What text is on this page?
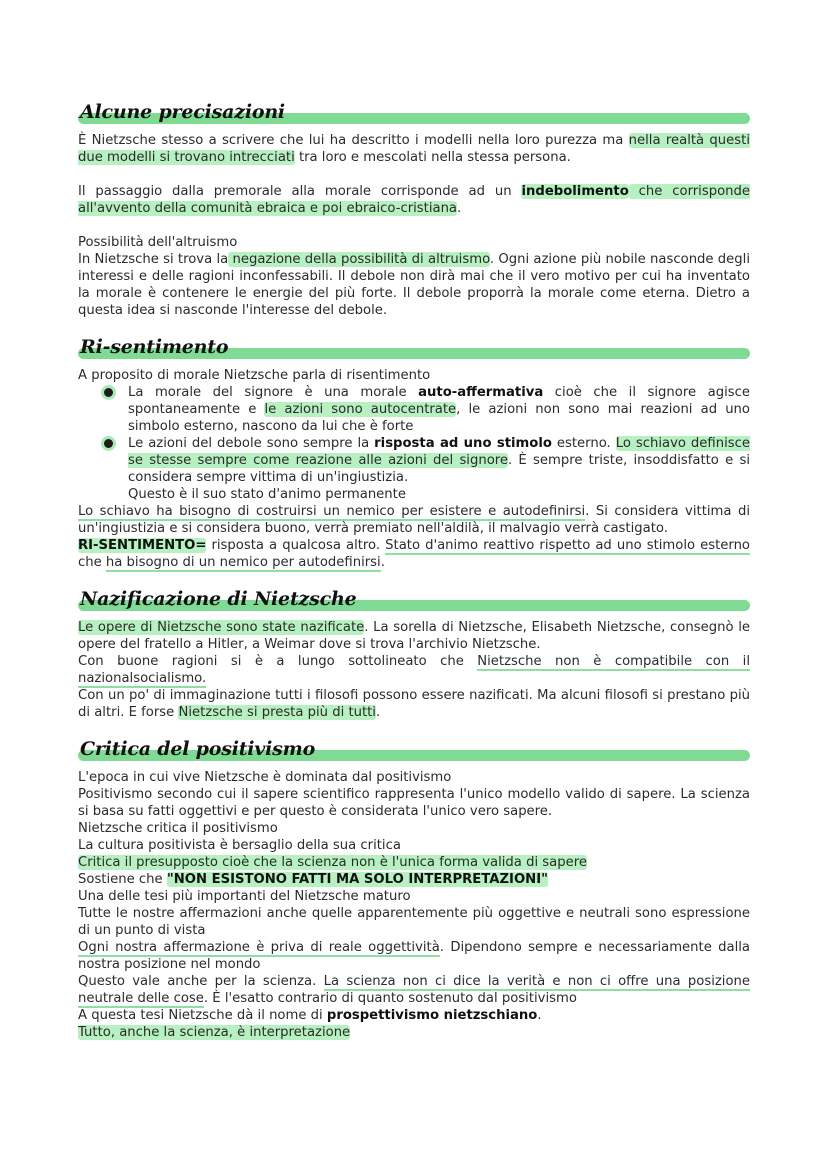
Alcune precisazioni

È Nietzsche stesso a scrivere che lui ha descritto i modelli nella loro purezza ma nella realtà questi due modelli si trovano intrecciati tra loro e mescolati nella stessa persona.

Il passaggio dalla premorale alla morale corrisponde ad un indebolimento che corrisponde all'avvento della comunità ebraica e poi ebraico-cristiana.

Possibilità dell'altruismo

In Nietzsche si trova la negazione della possibilità di altruismo. Ogni azione più nobile nasconde degli interessi e delle ragioni inconfessabili. Il debole non dirà mai che il vero motivo per cui ha inventato la morale è contenere le energie del più forte. Il debole proporrà la morale come eterna. Dietro a questa idea si nasconde l'interesse del debole.

Ri-sentimento

A proposito di morale Nietzsche parla di risentimento

La morale del signore è una morale auto-affermativa cioè che il signore agisce spontaneamente e le azioni sono autocentrate, le azioni non sono mai reazioni ad uno simbolo esterno, nascono da lui che è forte
Le azioni del debole sono sempre la risposta ad uno stimolo esterno. Lo schiavo definisce se stesse sempre come reazione alle azioni del signore. È sempre triste, insoddisfatto e si considera sempre vittima di un'ingiustizia.

Questo è il suo stato d'animo permanente

Lo schiavo ha bisogno di costruirsi un nemico per esistere e autodefinirsi. Si considera vittima di un'ingiustizia e si considera buono, verrà premiato nell'aldilà, il malvagio verrà castigato.

RI-SENTIMENTO= risposta a qualcosa altro. Stato d'animo reattivo rispetto ad uno stimolo esterno che ha bisogno di un nemico per autodefinirsi.

Nazificazione di Nietzsche

Le opere di Nietzsche sono state nazificate. La sorella di Nietzsche, Elisabeth Nietzsche, consegnò le opere del fratello a Hitler, a Weimar dove si trova l'archivio Nietzsche.

Con buone ragioni si è a lungo sottolineato che Nietzsche non è compatibile con il nazionalsocialismo.

Con un po' di immaginazione tutti i filosofi possono essere nazificati. Ma alcuni filosofi si prestano più di altri. E forse Nietzsche si presta più di tutti.

Critica del positivismo

L'epoca in cui vive Nietzsche è dominata dal positivismo

Positivismo secondo cui il sapere scientifico rappresenta l'unico modello valido di sapere. La scienza si basa su fatti oggettivi e per questo è considerata l'unico vero sapere.

Nietzsche critica il positivismo

La cultura positivista è bersaglio della sua critica

Critica il presupposto cioè che la scienza non è l'unica forma valida di sapere

Sostiene che "NON ESISTONO FATTI MA SOLO INTERPRETAZIONI"

Una delle tesi più importanti del Nietzsche maturo

Tutte le nostre affermazioni anche quelle apparentemente più oggettive e neutrali sono espressione di un punto di vista

Ogni nostra affermazione è priva di reale oggettività. Dipendono sempre e necessariamente dalla nostra posizione nel mondo

Questo vale anche per la scienza. La scienza non ci dice la verità e non ci offre una posizione neutrale delle cose. È l'esatto contrario di quanto sostenuto dal positivismo

A questa tesi Nietzsche dà il nome di prospettivismo nietzschiano.

Tutto, anche la scienza, è interpretazione
